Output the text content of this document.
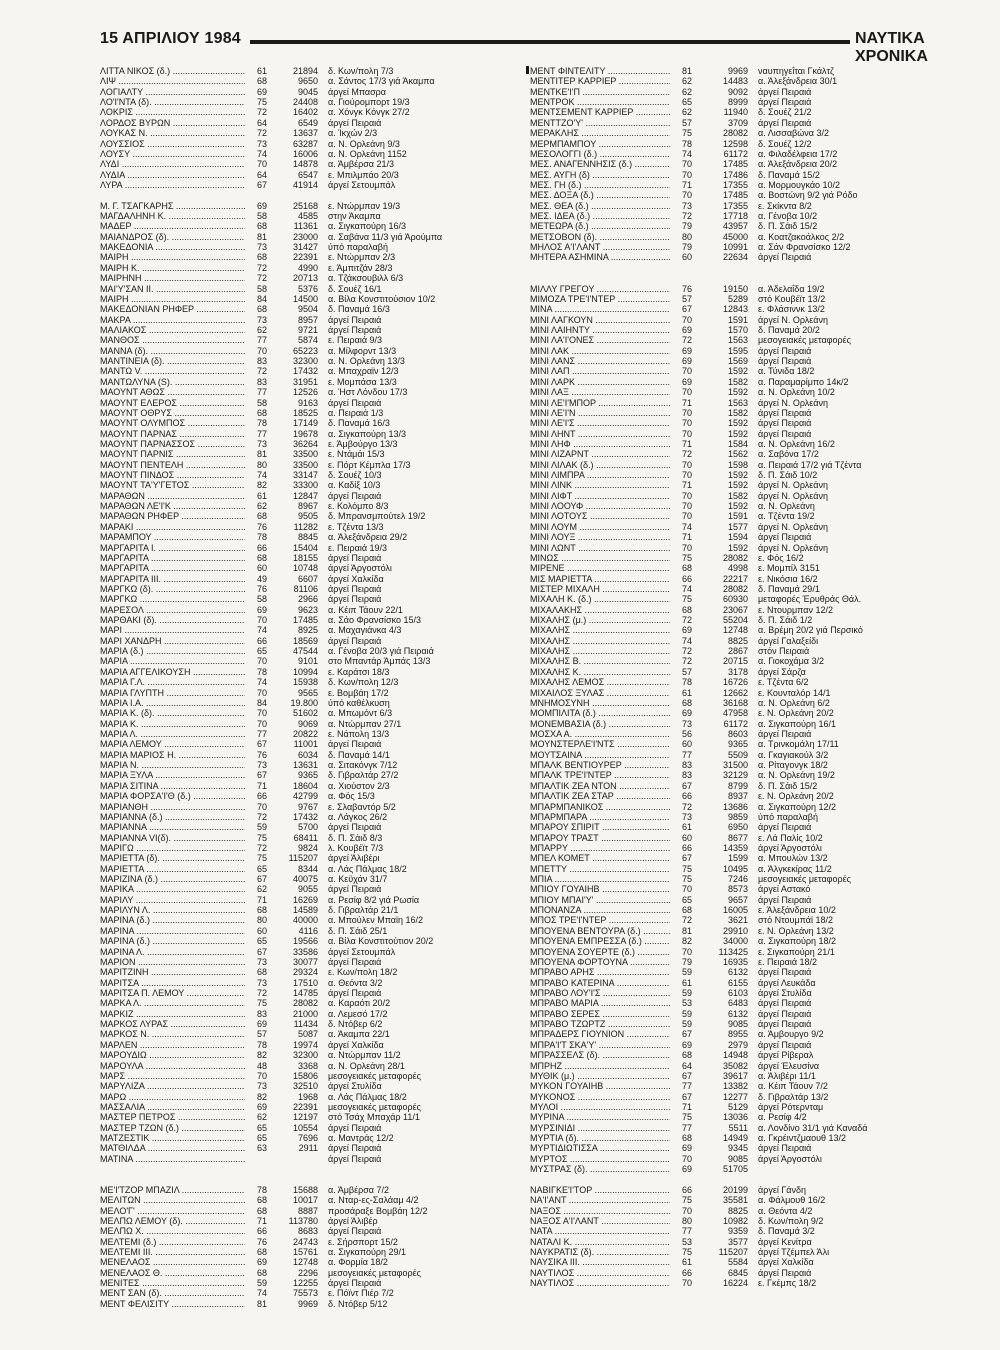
15 ΑΠΡΙΛΙΟΥ 1984	ΝΑΥΤΙΚΑ ΧΡΟΝΙΚΑ
ΛΙΤΤΑ ΝΙΚΟΣ (δ.) .....	61	21894 δ. Κων/πολη 7/3
ΛΙΨ .....	68	9650 α. Σάντος 17/3 γιά Άκαμπα
ΛΟΓΙΑΛΤΥ .....	69	9045 άργεί Μπασρα
ΛΟ'Ι'ΝΤΑ (δ). .....	75	24408 α. Γιούρομπορτ 19/3
ΛΟΚΡΙΣ .....	72	16402 α. Χόνγκ Κόνγκ 27/2
ΛΟΡΔΟΣ ΒΥΡΩΝ .....	64	6549 άργεί Πειραιά
ΛΟΥΚΑΣ Ν. .....	72	13637 α. Ίκχών 2/3
ΛΟΥΣΣΙΟΣ .....	73	63287 α. Ν. Ορλεάνη 9/3
ΛΟΥΣΥ .....	74	16006 α. Ν. Ορλεάνη 1152
ΛΥΔΙ .....	70	14878 α. Άμβέρσα 21/3
ΛΥΔΙΑ .....	64	6547 ε. Μπιλμπάο 20/3
ΛΥΡΑ .....	67	41914 άργεί Σετουμπάλ
Μ. Γ. ΤΣΑΓΚΑΡΗΣ .....	69	25168 ε. Ντώρμπαν 19/3
ΜΑΓΔΑΛΗΝΗ Κ. .....	58	4585 στην Άκαμπα
ΜΑΔΕΡ .....	68	11361 α. Σιγκαπούρη 16/3
ΜΑΙΑΝΔΡΟΣ (δ). .....	81	23000 α. Σαβάνα 11/3 γιά Άρούμπα
ΜΑΚΕΔΟΝΙΑ .....	73	31427 ύπό παραλαβή
ΜΑΙΡΗ .....	68	22391 ε. Ντώρμπαν 2/3
ΜΑΙΡΗ Κ. .....	72	4990 ε. Άμπιτζάν 28/3
ΜΑΙΡΗΝΗ .....	72	20713 α. Τζάκσουβιλλ 6/3
ΜΑΙ'Υ'ΣΑΝ ΙΙ. .....	58	5376 δ. Σουέζ 16/1
ΜΑΙΡΗ .....	84	14500 α. Βίλα Κονστιτούσιον 10/2
ΜΑΚΕΔΟΝΙΑΝ ΡΗΦΕΡ .....	68	9504 δ. Παναμά 16/3
ΜΑΚΡΑ .....	73	8957 άργεί Πειραιά
ΜΑΛΙΑΚΟΣ .....	62	9721 άργεί Πειραιά
ΜΑΝΘΟΣ .....	77	5874 ε. Πειραιά 9/3
ΜΑΝΝΑ (δ). .....	70	65223 α. Μίλφορντ 13/3
ΜΑΝΤΙΝΕΙΑ (δ). .....	83	32300 α. Ν. Ορλεάνη 13/3
ΜΑΝΤΩ V. .....	72	17432 α. Μπαχραϊν 12/3
ΜΑΝΤΩΛΥΝΑ (S). .....	83	31951 ε. Μομπάσα 13/3
ΜΑΟΥΝΤ ΑΘΩΣ .....	77	12526 α. Ήστ Λόνδου 17/3
ΜΑΟΥΝΤ ΕΛΕΡΟΣ .....	58	9163 άργεί Πειραιά
ΜΑΟΥΝΤ ΟΘΡΥΣ .....	68	18525 α. Πειραιά 1/3
ΜΑΟΥΝΤ ΟΛΥΜΠΟΣ .....	78	17149 δ. Παναμά 16/3
ΜΑΟΥΝΤ ΠΑΡΝΑΣ .....	77	19678 α. Σιγκαπούρη 13/3
ΜΑΟΥΝΤ ΠΑΡΝΑΣΣΟΣ .....	73	36264 ε. Άμβούργο 13/3
ΜΑΟΥΝΤ ΠΑΡΝΙΣ .....	81	33500 ε. Ντάμάι 15/3
ΜΑΟΥΝΤ ΠΕΝΤΕΛΗ .....	80	33500 ε. Πόρτ Κέμπλα 17/3
ΜΑΟΥΝΤ ΠΙΝΔΟΣ .....	74	33147 δ. Σουέζ 10/3
ΜΑΟΥΝΤ ΤΑ'Υ'ΓΕΤΟΣ .....	82	33300 α. Καδίξ 10/3
ΜΑΡΑΘΩΝ .....	61	12847 άργεί Πειραιά
ΜΑΡΑΘΩΝ ΛΕ'Ι'Κ .....	62	8967 ε. Κολόμπο 8/3
ΜΑΡΑΘΩΝ ΡΗΦΕΡ .....	68	9505 δ. Μπρανσμπούτελ 19/2
ΜΑΡΑΚΙ .....	76	11282 ε. Τζέντα 13/3
ΜΑΡΑΜΠΟΥ .....	78	8845 α. Άλεξάνδρεια 29/2
ΜΑΡΓΑΡΙΤΑ Ι. .....	66	15404 ε. Πειραιά 19/3
ΜΑΡΓΑΡΙΤΑ .....	68	18155 άργεί Πειραιά
ΜΑΡΓΑΡΙΤΑ .....	60	10748 άργεί Άργοστόλι
ΜΑΡΓΑΡΙΤΑ ΙΙΙ. .....	49	6607 άργεί Χαλκίδα
ΜΑΡΓΚΩ (δ). .....	76	81106 άργεί Πειραιά
ΜΑΡΓΚΩ .....	58	2966 άργεί Πειραιά
ΜΑΡΕΣΟΛ .....	69	9623 α. Κέιπ Τάουν 22/1
ΜΑΡΘΑΚΙ (δ). .....	70	17485 α. Σάο Φρανσίσκο 15/3
ΜΑΡΙ .....	74	8925 α. Μαχαγιάνκα 4/3
ΜΑΡΙ ΧΑΝΔΡΗ .....	66	18569 άργεί Πειραιά
ΜΑΡΙΑ (δ.) .....	65	47544 α. Γένοβα 20/3 γιά Πειραιά
ΜΑΡΙΑ .....	70	9101 στο Μπαντάρ Άμπάς 13/3
ΜΑΡΙΑ ΑΓΓΕΛΙΚΟΥΣΗ .....	78	10994 ε. Καράτσι 18/3
ΜΑΡΙΑ Γ.Λ. .....	74	15938 δ. Κων/πολη 12/3
ΜΑΡΙΑ ΓΛΥΠΤΗ .....	70	9565 ε. Βομβάη 17/2
ΜΑΡΙΑ Ι.Α. .....	84	19.800 ύπό καθέλκυση
ΜΑΡΙΑ Κ. (δ). .....	70	51602 α. Μπωμόντ 6/3
ΜΑΡΙΑ Κ. .....	70	9069 α. Ντώρμπαν 27/1
ΜΑΡΙΑ Λ. .....	77	20822 ε. Νάπολη 13/3
ΜΑΡΙΑ ΛΕΜΟΥ .....	67	11001 άργεί Πειραιά
ΜΑΡΙΑ ΜΑΡΙΟΣ Η. .....	76	6034 δ. Παναμά 14/1
ΜΑΡΙΑ Ν. .....	73	13631 α. Σιτακόνγκ 7/12
ΜΑΡΙΑ ΞΥΛΑ .....	67	9365 δ. Γιβραλτάρ 27/2
ΜΑΡΙΑ ΣΙΤΙΝΑ .....	71	18604 α. Χιούστον 2/3
ΜΑΡΙΑ ΦΟΡΣΑ'Ι'Θ (δ.) .....	66	42799 α. Φός 15/3
ΜΑΡΙΑΝΘΗ .....	70	9767 ε. Σλαβαντόρ 5/2
ΜΑΡΙΑΝΝΑ (δ.) .....	72	17432 α. Λάγκος 26/2
ΜΑΡΙΑΝΝΑ .....	59	5700 άργεί Πειραιά
ΜΑΡΙΑΝΝΑ VΙ(δ). .....	75	68411 δ. Π. Σάιδ 8/3
ΜΑΡΙΓΩ .....	72	9824 λ. Κουβέϊτ 7/3
ΜΑΡΙΕΤΤΑ (δ). .....	75	115207 άργεί Άλιβέρι
ΜΑΡΙΕΤΤΑ .....	65	8344 α. Λάς Πάλμας 18/2
ΜΑΡΙΖΙΝΑ (δ.) .....	67	40075 α. Κεϋχάν 31/7
ΜΑΡΙΚΑ .....	62	9055 άργεί Πειραιά
ΜΑΡΙΛΥ .....	71	16269 α. Ρεσίφ 8/2 γιά Ρωσία
ΜΑΡΙΛΥΝ Λ. .....	68	14589 δ. Γιβραλτάρ 21/1
ΜΑΡΙΝΑ (δ.) .....	80	40000 α. Μπούλεν Μπαϊη 16/2
ΜΑΡΙΝΑ .....	60	4116 δ. Π. Σάιδ 25/1
ΜΑΡΙΝΑ (δ.) .....	65	19566 α. Βίλα Κονστιτούτιον 20/2
ΜΑΡΙΝΑ Λ. .....	67	33586 άργεί Σετουμπάλ
ΜΑΡΙΟΝ .....	73	30077 άργεί Πειραιά
ΜΑΡΙΤΖΙΝΗ .....	68	29324 ε. Κων/πολη 18/2
ΜΑΡΙΤΣΑ .....	73	17510 α. Θεόντα 3/2
ΜΑΡΙΤΣΑ Π. ΛΕΜΟΥ .....	72	14785 άργεί Πειραιά
ΜΑΡΚΑ Λ. .....	75	28082 α. Καραότι 20/2
ΜΑΡΚΙΖ .....	83	21000 α. Λεμεσό 17/2
ΜΑΡΚΟΣ ΛΥΡΑΣ .....	69	11434 δ. Ντόβερ 6/2
ΜΑΡΚΟΣ Ν. .....	57	5087 α. Άκαμπα 22/1
ΜΑΡΛΕΝ .....	78	19974 άργεί Χαλκίδα
ΜΑΡΟΥΔΙΩ .....	82	32300 α. Ντώρμπαν 11/2
ΜΑΡΟΥΛΑ .....	48	3368 α. Ν. Ορλεάνη 28/1
ΜΑΡΣ .....	70	15806 μεσογειακές μεταφορές
ΜΑΡΥΛΙΖΑ .....	73	32510 άργεί Στυλίδα
ΜΑΡΩ .....	82	1968 α. Λάς Πάλμας 18/2
ΜΑΣΣΑΛΙΑ .....	69	22391 μεσογειακές μεταφορές
ΜΑΣΤΕΡ ΠΕΤΡΟΣ .....	62	12197 στό Τσάχ Μπαχάρ 11/1
ΜΑΣΤΕΡ ΤΖΩΝ (δ.) .....	65	10554 άργεί Πειραιά
ΜΑΤΖΕΣΤΙΚ .....	65	7696 α. Μαντράς 12/2
ΜΑΤΘΙΛΔΑ .....	63	2911 άργεί Πειραιά
ΜΑΤΙΝΑ .....	άργεί Πειραιά
ΜΕ'Ι'ΤΖΟΡ ΜΠΑΖΙΛ .....	78	15688 α. Άμβέρσα 7/2
ΜΕΛΙΤΩΝ .....	68	10017 α. Νταρ-ες-Σαλάαμ 4/2
ΜΕΛΟ'Γ' .....	68	8887 προσάραξε Βομβάη 12/2
ΜΕΛΠΩ ΛΕΜΟΥ (δ). .....	71	113780 άργεί Άλιβέρ
ΜΕΛΠΩ Χ. .....	66	8683 άργεί Πειραιά
ΜΕΛΤΕΜΙ (δ.) .....	76	24743 ε. Σήρσπορτ 15/2
ΜΕΛΤΕΜΙ ΙΙΙ. .....	68	15761 α. Σιγκαπούρη 29/1
ΜΕΝΕΛΑΟΣ .....	69	12748 α. Φορμία 18/2
ΜΕΝΕΛΑΟΣ Θ. .....	68	2296 μεσογειακές μεταφορές
ΜΕΝΙΤΕΣ .....	59	12255 άργεί Πειραιά
ΜΕΝΤ ΣΑΝ (δ). .....	74	75573 ε. Πόϊντ Πιέρ 7/2
ΜΕΝΤ ΦΕΛΙΣΙΤΥ .....	81	9969 δ. Ντόβερ 5/12
ΜΕΝΤ ΦΙΝΤΕΛΙΤΥ .....	81	9969 ναυπηγεΐται Γκάλτζ
ΜΕΝΤΙΤΕΡ ΚΑΡΡΙΕΡ .....	62	14483 α. Άλεξάνδρεια 30/1
ΜΕΝΤΚΕ'Ι'Π .....	62	9092 άργεί Πειραιά
ΜΕΝΤΡΟΚ .....	65	8999 άργεί Πειραιά
ΜΕΝΤΣΕΜΕΝΤ ΚΑΡΡΙΕΡ .....	62	11940 δ. Σουέζ 21/2
ΜΕΝΤΤΖΟ'Υ' .....	57	3709 άργεί Πειραιά
ΜΕΡΑΚΛΗΣ .....	75	28082 α. Λισσαβώνα 3/2
ΜΕΡΜΠΑΜΠΟΥ .....	78	12598 δ. Σουέζ 12/2
ΜΕΣΟΛΟΓΓΙ (δ.) .....	74	61172 α. Φιλαδέλφεια 17/2
ΜΕΣ. ΑΝΑΓΕΝΝΗΣΙΣ (δ.) .....	70	17485 α. Άλεξάνδρεια 20/2
ΜΕΣ. ΑΥΓΗ (δ) .....	70	17486 δ. Παναμά 15/2
ΜΕΣ. ΓΗ (δ.) .....	71	17355 α. Μορμουγκάο 10/2
ΜΕΣ. ΔΟΞΑ (δ.) .....	70	17485 α. Βοστώνη 9/2 γιά Ρόδο
ΜΕΣ. ΘΕΑ (δ.) .....	73	17355 ε. Σκίκντα 8/2
ΜΕΣ. ΙΔΕΑ (δ.) .....	72	17718 α. Γένοβα 10/2
ΜΕΤΕΩΡΑ (δ.) .....	79	43957 δ. Π. Σάιδ 15/2
ΜΕΤΣΟΒΟΝ (δ). .....	80	45000 α. Κοατζακοάλκος 2/2
ΜΗΛΟΣ Α'Ι'ΛΑΝΤ .....	79	10991 α. Σάν Φρανσίσκο 12/2
ΜΗΤΕΡΑ ΑΣΗΜΙΝΑ .....	60	22634 άργεί Πειραιά
ΜΙΛΛΥ ΓΡΕΓΟΥ .....	76	19150 α. Άδελαΐδα 19/2
ΜΙΜΟΖΑ ΤΡΕ'Ι'ΝΤΕΡ .....	57	5289 στό Κουβέϊτ 13/2
ΜΙΝΑ .....	67	12843 ε. Φλάσιννκ 13/2
ΜΙΝΙ ΛΑΓΚΟΥΝ .....	70	1591 άργεί Ν. Ορλεάνη
ΜΙΝΙ ΛΑΙΗΝΤΥ .....	69	1570 δ. Παναμά 20/2
ΜΙΝΙ ΛΑ'Ι'ΟΝΕΣ .....	72	1563 μεσογειακές μεταφορές
ΜΙΝΙ ΛΑΚ .....	69	1595 άργεί Πειραιά
ΜΙΝΙ ΛΑΝΣ .....	69	1569 άργεί Πειραιά
ΜΙΝΙ ΛΑΠ .....	70	1592 α. Τύνιδα 18/2
ΜΙΝΙ ΛΑΡΚ .....	69	1582 α. Παραμαρίμπο 14κ/2
ΜΙΝΙ ΛΑΞ .....	70	1592 α. Ν. Ορλεάνη 10/2
ΜΙΝΙ ΛΕ'Ι'ΜΠΟΡ .....	71	1563 άργεί Ν. Ορλεάνη
ΜΙΝΙ ΛΕ'Ι'Ν .....	70	1582 άργεί Πειραιά
ΜΙΝΙ ΛΕ'Ι'Σ .....	70	1592 άργεί Πειραιά
ΜΙΝΙ ΛΗΝΤ .....	70	1592 άργεί Πειραιά
ΜΙΝΙ ΛΗΦ .....	71	1584 α. Ν. Ορλεάνη 16/2
ΜΙΝΙ ΛΙΖΑΡΝΤ .....	72	1562 α. Σαβόνα 17/2
ΜΙΝΙ ΛΙΛΑΚ (δ.) .....	70	1598 α. Πειραιά 17/2 γιά Τζέντα
ΜΙΝΙ ΛΙΜΠΡΑ .....	70	1592 δ. Π. Σάιδ 10/2
ΜΙΝΙ ΛΙΝΚ .....	71	1592 άργεί Ν. Ορλεάνη
ΜΙΝΙ ΛΙΦΤ .....	70	1582 άργεί Ν. Ορλεάνη
ΜΙΝΙ ΛΟΟΥΦ .....	70	1592 α. Ν. Ορλεάνη
ΜΙΝΙ ΛΟΤΟΥΣ .....	70	1591 α. Τζέντα 19/2
ΜΙΝΙ ΛΟΥΜ .....	74	1577 άργεί Ν. Ορλεάνη
ΜΙΝΙ ΛΟΥΞ .....	71	1594 άργεί Πειραιά
ΜΙΝΙ ΛΩΝΤ .....	70	1592 άργεί Ν. Ορλεάνη
ΜΙΝΩΣ .....	75	28082 ε. Φός 16/2
ΜΙΡΕΝΕ .....	68	4998 ε. Μομπίλ 3151
ΜΙΣ ΜΑΡΙΕΤΤΑ .....	66	22217 ε. Νικόσια 16/2
ΜΙΣΤΕΡ ΜΙΧΑΛΗ .....	74	28082 δ. Παναμά 29/1
ΜΙΧΑΛΗ Κ. (δ.) .....	75	60930 μεταφορές Έρυθράς Θάλ.
ΜΙΧΑΛΑΚΗΣ .....	68	23067 ε. Ντουρμπαν 12/2
ΜΙΧΑΛΗΣ (μ.) .....	72	55204 δ. Π. Σάιδ 1/2
ΜΙΧΑΛΗΣ .....	69	12748 α. Βρέμη 20/2 γιά Περσικό
ΜΙΧΑΛΗΣ .....	74	8825 άργεί Γαλαξείδι
ΜΙΧΑΛΗΣ .....	72	2867 στόν Πειραιά
ΜΙΧΑΛΗΣ Β. .....	72	20715 α. Γιοκοχάμα 3/2
ΜΙΧΑΛΗΣ Κ. .....	57	3178 άργεί Σάρζα
ΜΙΧΑΛΗΣ ΛΕΜΟΣ .....	78	16726 ε. Τζέντα 6/2
ΜΙΧΑΙΛΟΣ ΞΥΛΑΣ .....	61	12662 ε. Κουνταλόρ 14/1
ΜΝΗΜΟΣΥΝΗ .....	68	36168 α. Ν. Ορλεάνη 6/2
ΜΟΜΠΙΛΙΤΑ (δ.) .....	69	47958 ε. Ν. Ορλεάνη 20/2
ΜΟΝΕΜΒΑΣΙΑ (δ.) .....	73	61172 α. Σιγκαπούρη 16/1
ΜΟΣΧΑ Α. .....	56	8603 άργεί Πειραιά
ΜΟΥΝΣΤΕΡΛΕ'Ι'ΝΤΣ .....	60	9365 α. Τρινκομάλη 17/11
ΜΟΥΤΣΑΙΝΑ .....	77	5509 α. Γκαγιακούλ 3/2
ΜΠΑΛΚ ΒΕΝΤΙΟΥΡΕΡ .....	83	31500 α. Ρίταγονγκ 18/2
ΜΠΑΛΚ ΤΡΕ'Ι'ΝΤΕΡ .....	83	32129 α. Ν. Ορλεάνη 19/2
ΜΠΑΛΤΙΚ ΖΕΑ ΝΤΟΝ .....	67	8799 δ. Π. Σάιδ 15/2
ΜΠΑΛΤΙΚ ΖΕΑ ΣΤΑΡ .....	66	8937 ε. Ν. Ορλεάνη 20/2
ΜΠΑΡΜΠΑΝΙΚΟΣ .....	72	13686 α. Σιγκαπούρη 12/2
ΜΠΑΡΜΠΑΡΑ .....	73	9859 ύπό παραλαβή
ΜΠΑΡΟΥ ΣΠΙΡΙΤ .....	61	6950 άργεί Πειραιά
ΜΠΑΡΟΥ ΤΡΑΣΤ .....	60	8677 ε. Λά Παλίς 10/2
ΜΠΑΡΡΥ .....	66	14359 άργεί Άργοστόλι
ΜΠΕΛ ΚΟΜΕΤ .....	67	1599 α. Μπουλών 13/2
ΜΠΕΤΤΥ .....	75	10495 α. Άλγκεκίρας 11/2
ΜΠΙΑ .....	75	7246 μεσογειακές μεταφορές
ΜΠΙΟΥ ΓΟΥΑΙΗΒ .....	70	8573 άργεί Αστακό
ΜΠΙΟΥ ΜΠΑΙ'Υ' .....	65	9657 άργεί Πειραιά
ΜΠΟΝΑΝΖΑ .....	68	16005 ε. Άλεξάνδρεια 10/2
ΜΠΟΣ ΤΡΕ'Ι'ΝΤΕΡ .....	72	3621 στό Ντουμπάϊ 18/2
ΜΠΟΥΕΝΑ ΒΕΝΤΟΥΡΑ (δ.) .....	81	29910 ε. Ν. Ορλεάνη 13/2
ΜΠΟΥΕΝΑ ΕΜΠΡΕΣΣΑ (δ.) .....	82	34000 α. Σιγκαπούρη 18/2
ΜΠΟΥΕΝΑ ΣΟΥΕΡΤΕ (δ.) .....	70	113425 ε. Σιγκαπούρη 21/1
ΜΠΟΥΕΝΑ ΦΟΡΤΟΥΝΑ .....	79	16935 ε. Πειραιά 18/2
ΜΠΡΑΒΟ ΑΡΗΣ .....	59	6132 άργεί Πειραιά
ΜΠΡΑΒΟ ΚΑΤΕΡΙΝΑ .....	61	6155 άργεί Λευκάδα
ΜΠΡΑΒΟ ΛΟΥ'Ι'Σ .....	59	6103 άργεί Στυλίδα
ΜΠΡΑΒΟ ΜΑΡΙΑ .....	53	6483 άργεί Πειραιά
ΜΠΡΑΒΟ ΣΕΡΕΣ .....	59	6132 άργεί Πειραιά
ΜΠΡΑΒΟ ΤΖΩΡΤΖ .....	59	9085 άργεί Πειραιά
ΜΠΡΑΔΕΡΣ ΓΙΟΥΝΙΟΝ .....	67	8955 α. Άμβουργο 9/2
ΜΠΡΑ'Ι'Τ ΣΚΑ'Υ' .....	69	2979 άργεί Πειραιά
ΜΠΡΑΣΣΕΛΣ (δ). .....	68	14948 άργεί Ρίβεραλ
ΜΠΡΗΖ .....	64	35082 άργεί Έλευσίνα
ΜΥΘΙΚ (μ.) .....	67	39617 α. Άλιβέρι 11/1
ΜΥΚΟΝ ΓΟΥΑΙΗΒ .....	77	13382 α. Κέιπ Τάουν 7/2
ΜΥΚΟΝΟΣ .....	67	12277 δ. Γιβραλτάρ 13/2
ΜΥΛΟΙ .....	71	5129 άργεί Ρότερνταμ
ΜΥΡΙΝΑ .....	75	13036 α. Ρεσίφ 4/2
ΜΥΡΣΙΝΙΔΙ .....	77	5511 α. Λονδίνο 31/1 γιά Καναδά
ΜΥΡΤΙΑ (δ). .....	68	14949 α. Γκρέιντζμαουθ 13/2
ΜΥΡΤΙΔΙΩΤΙΣΣΑ .....	69	9345 άργεί Πειραιά
ΜΥΡΤΟΣ .....	70	9085 άργεί Άργοστόλι
ΜΥΣΤΡΑΣ (δ). .....	69	51705
ΝΑΒΙΓΚΕ'Ι'ΤΟΡ .....	66	20199 άργεί Γάνδη
ΝΑ'Ι'ΑΝΤ .....	75	35581 α. Φάλμουθ 16/2
ΝΑΞΟΣ .....	70	8825 α. Θεόντα 4/2
ΝΑΞΟΣ Α'Ι'ΛΑΝΤ .....	80	10982 δ. Κων/πολη 9/2
ΝΑΤΑ .....	77	9359 δ. Παναμά 3/2
ΝΑΤΑΛΙ Κ. .....	53	3577 άργεί Κενίτρα
ΝΑΥΚΡΑΤΙΣ (δ). .....	75	115207 άργεί Τζέμπελ Άλι
ΝΑΥΣΙΚΑ ΙΙΙ. .....	61	5584 άργεί Χαλκίδα
ΝΑΥΤΙΛΟΣ .....	66	6845 άργεί Πειραιά
ΝΑΥΤΙΛΟΣ .....	70	16224 ε. Γκέμπς 18/2
